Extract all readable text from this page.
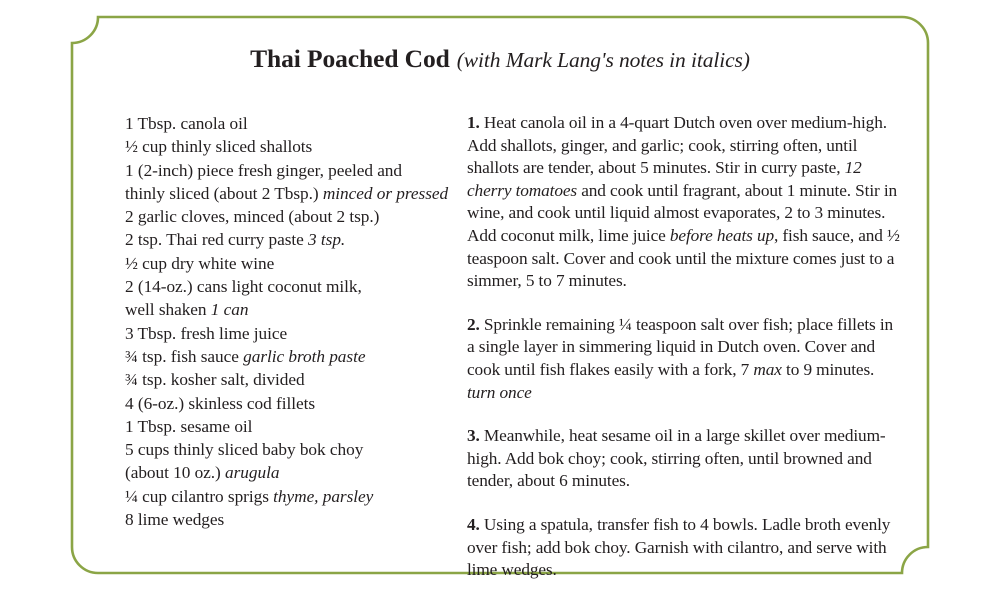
Thai Poached Cod (with Mark Lang's notes in italics)
1 Tbsp. canola oil
½ cup thinly sliced shallots
1 (2-inch) piece fresh ginger, peeled and
thinly sliced (about 2 Tbsp.) minced or pressed
2 garlic cloves, minced (about 2 tsp.)
2 tsp. Thai red curry paste 3 tsp.
½ cup dry white wine
2 (14-oz.) cans light coconut milk,
well shaken 1 can
3 Tbsp. fresh lime juice
¾ tsp. fish sauce garlic broth paste
¾ tsp. kosher salt, divided
4 (6-oz.) skinless cod fillets
1 Tbsp. sesame oil
5 cups thinly sliced baby bok choy
(about 10 oz.) arugula
¼ cup cilantro sprigs thyme, parsley
8 lime wedges
1. Heat canola oil in a 4-quart Dutch oven over medium-high. Add shallots, ginger, and garlic; cook, stirring often, until shallots are tender, about 5 minutes. Stir in curry paste, 12 cherry tomatoes and cook until fragrant, about 1 minute. Stir in wine, and cook until liquid almost evaporates, 2 to 3 minutes. Add coconut milk, lime juice before heats up, fish sauce, and ½ teaspoon salt. Cover and cook until the mixture comes just to a simmer, 5 to 7 minutes.
2. Sprinkle remaining ¼ teaspoon salt over fish; place fillets in a single layer in simmering liquid in Dutch oven. Cover and cook until fish flakes easily with a fork, 7 max to 9 minutes. turn once
3. Meanwhile, heat sesame oil in a large skillet over medium-high. Add bok choy; cook, stirring often, until browned and tender, about 6 minutes.
4. Using a spatula, transfer fish to 4 bowls. Ladle broth evenly over fish; add bok choy. Garnish with cilantro, and serve with lime wedges.
